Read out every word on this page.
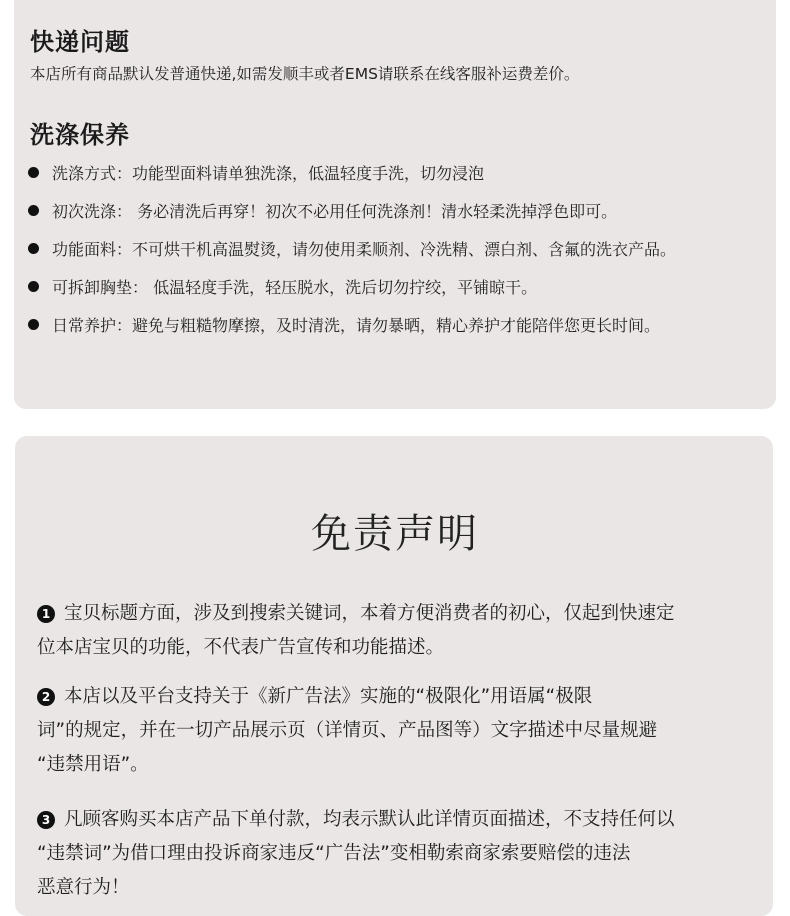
快递问题
本店所有商品默认发普通快递,如需发顺丰或者EMS请联系在线客服补运费差价。
洗涤保养
洗涤方式：功能型面料请单独洗涤，低温轻度手洗，切勿浸泡
初次洗涤： 务必清洗后再穿！初次不必用任何洗涤剂！清水轻柔洗掉浮色即可。
功能面料：不可烘干机高温熨烫，请勿使用柔顺剂、冷洗精、漂白剂、含氟的洗衣产品。
可拆卸胸垫： 低温轻度手洗，轻压脱水，洗后切勿拧绞，平铺晾干。
日常养护：避免与粗糙物摩擦，及时清洗，请勿暴晒，精心养护才能陪伴您更长时间。
免责声明
1 宝贝标题方面，涉及到搜索关键词，本着方便消费者的初心，仅起到快速定
位本店宝贝的功能，不代表广告宣传和功能描述。
2 本店以及平台支持关于《新广告法》实施的“极限化”用语属“极限
词”的规定，并在一切产品展示页（详情页、产品图等）文字描述中尽量规避
“违禁用语”。
3 凡顾客购买本店产品下单付款，均表示默认此详情页面描述，不支持任何以
“违禁词”为借口理由投诉商家违反“广告法”变相勒索商家索要赔偿的违法
恶意行为！
